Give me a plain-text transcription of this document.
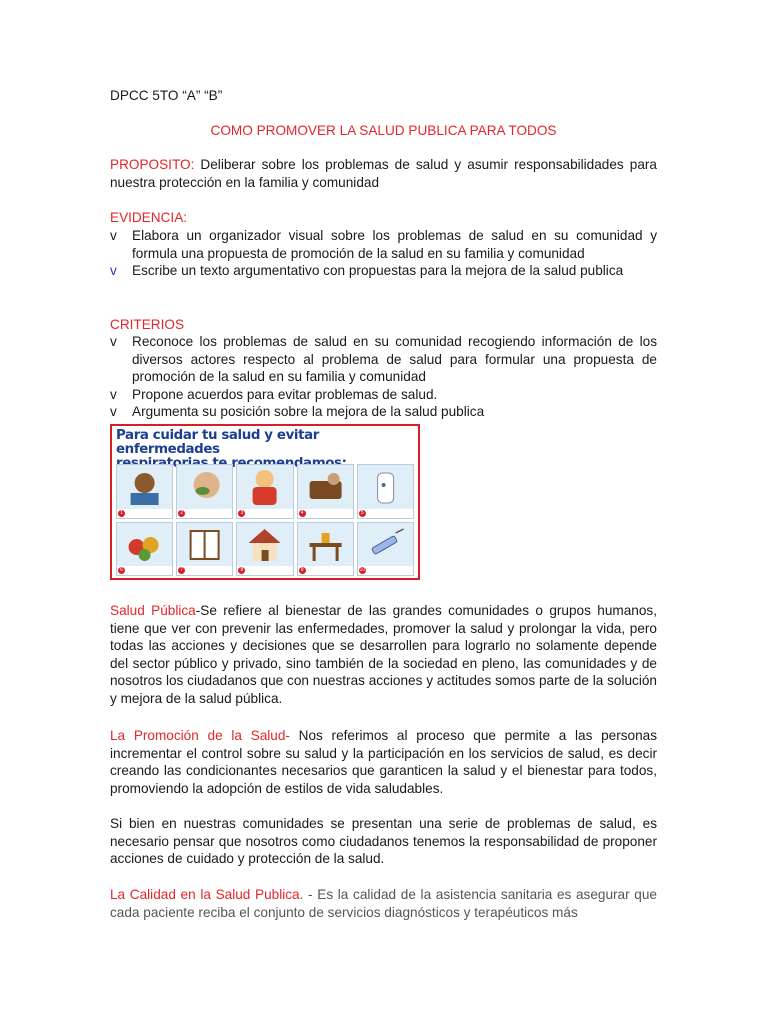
DPCC 5TO “A” “B”

COMO PROMOVER LA SALUD PUBLICA PARA TODOS

PROPOSITO: Deliberar sobre los problemas de salud y asumir responsabilidades para nuestra protección en la familia y comunidad

EVIDENCIA:

v	Elabora un organizador visual sobre los problemas de salud en su comunidad y formula una propuesta de promoción de la salud en su familia y comunidad
v	Escribe un texto argumentativo con propuestas para la mejora de la salud publica

CRITERIOS

v	Reconoce los problemas de salud en su comunidad recogiendo información de los diversos actores respecto al problema de salud para formular una propuesta de promoción de la salud en su familia y comunidad
v	Propone acuerdos para evitar problemas de salud.
v	Argumenta su posición sobre la mejora de la salud publica
Para cuidar tu salud y evitar enfermedades
1	2	3	4	5
6	7	8	9	10

Salud Pública-Se refiere al bienestar de las grandes comunidades o grupos humanos, tiene que ver con prevenir las enfermedades, promover la salud y prolongar la vida, pero todas las acciones y decisiones que se desarrollen para lograrlo no solamente depende del sector público y privado, sino también de la sociedad en pleno, las comunidades y de nosotros los ciudadanos que con nuestras acciones y actitudes somos parte de la solución y mejora de la salud pública.

La Promoción de la Salud- Nos referimos al proceso que permite a las personas incrementar el control sobre su salud y la participación en los servicios de salud, es decir creando las condicionantes necesarios que garanticen la salud y el bienestar para todos, promoviendo la adopción de estilos de vida saludables.

Si bien en nuestras comunidades se presentan una serie de problemas de salud, es necesario pensar que nosotros como ciudadanos tenemos la responsabilidad de proponer acciones de cuidado y protección de la salud.

La Calidad en la Salud Publica. - Es la calidad de la asistencia sanitaria es asegurar que cada paciente reciba el conjunto de servicios diagnósticos y terapéuticos más
